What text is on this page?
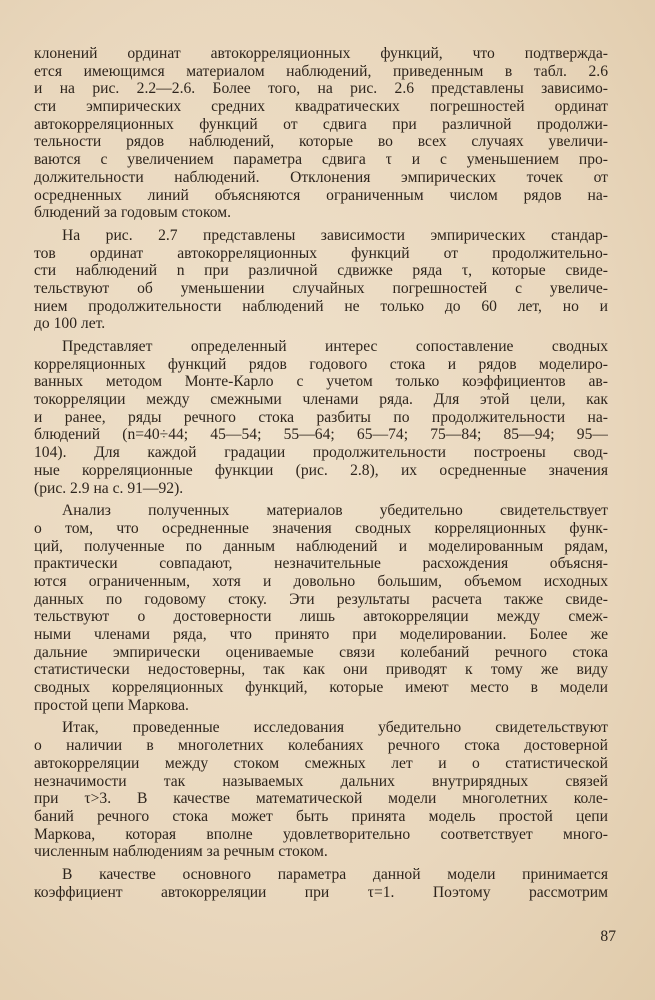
клонений ординат автокорреляционных функций, что подтвержда-
ется имеющимся материалом наблюдений, приведенным в табл. 2.6
и на рис. 2.2—2.6. Более того, на рис. 2.6 представлены зависимо-
сти эмпирических средних квадратических погрешностей ординат
автокорреляционных функций от сдвига при различной продолжи-
тельности рядов наблюдений, которые во всех случаях увеличи-
ваются с увеличением параметра сдвига τ и с уменьшением про-
должительности наблюдений. Отклонения эмпирических точек от
осредненных линий объясняются ограниченным числом рядов на-
блюдений за годовым стоком.
На рис. 2.7 представлены зависимости эмпирических стандар-
тов ординат автокорреляционных функций от продолжительно-
сти наблюдений n при различной сдвижке ряда τ, которые свиде-
тельствуют об уменьшении случайных погрешностей с увеличе-
нием продолжительности наблюдений не только до 60 лет, но и
до 100 лет.
Представляет определенный интерес сопоставление сводных
корреляционных функций рядов годового стока и рядов моделиро-
ванных методом Монте-Карло с учетом только коэффициентов ав-
токорреляции между смежными членами ряда. Для этой цели, как
и ранее, ряды речного стока разбиты по продолжительности на-
блюдений (n=40÷44; 45—54; 55—64; 65—74; 75—84; 85—94; 95—
104). Для каждой градации продолжительности построены свод-
ные корреляционные функции (рис. 2.8), их осредненные значения
(рис. 2.9 на с. 91—92).
Анализ полученных материалов убедительно свидетельствует
о том, что осредненные значения сводных корреляционных функ-
ций, полученные по данным наблюдений и моделированным рядам,
практически совпадают, незначительные расхождения объясня-
ются ограниченным, хотя и довольно большим, объемом исходных
данных по годовому стоку. Эти результаты расчета также свиде-
тельствуют о достоверности лишь автокорреляции между смеж-
ными членами ряда, что принято при моделировании. Более же
дальние эмпирически оцениваемые связи колебаний речного стока
статистически недостоверны, так как они приводят к тому же виду
сводных корреляционных функций, которые имеют место в модели
простой цепи Маркова.
Итак, проведенные исследования убедительно свидетельствуют
о наличии в многолетних колебаниях речного стока достоверной
автокорреляции между стоком смежных лет и о статистической
незначимости так называемых дальних внутрирядных связей
при τ>3. В качестве математической модели многолетних коле-
баний речного стока может быть принята модель простой цепи
Маркова, которая вполне удовлетворительно соответствует много-
численным наблюдениям за речным стоком.
В качестве основного параметра данной модели принимается
коэффициент автокорреляции при τ=1. Поэтому рассмотрим
87
